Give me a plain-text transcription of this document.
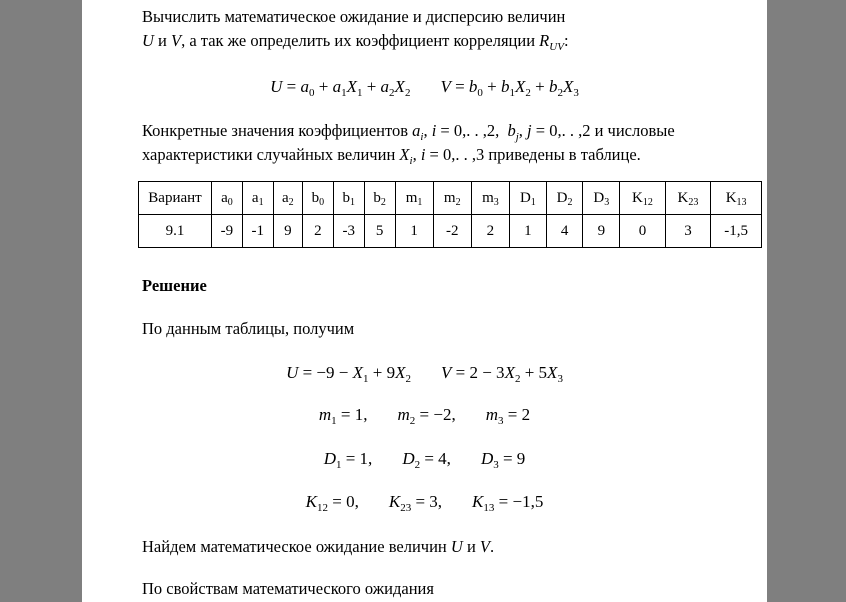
Вычислить математическое ожидание и дисперсию величин
U и V, а так же определить их коэффициент корреляции $R_{UV}$:
$U = a_0 + a_1X_1 + a_2X_2$ $V = b_0 + b_1X_2 + b_2X_3$
Конкретные значения коэффициентов $a_i$, i = 0,. . ,2, $b_j$, j = 0,. . ,2 и числовые
характеристики случайных величин $X_i$, i = 0,. . ,3 приведены в таблице.
Вариант	$a_0$	$a_1$	$a_2$	$b_0$	$b_1$	$b_2$	$m_1$	$m_2$	$m_3$	$D_1$	$D_2$	$D_3$	$K_{12}$	$K_{23}$	$K_{13}$
9.1	-9	-1	9	2	-3	5	1	-2	2	1	4	9	0	3	-1,5
Решение
По данным таблицы, получим
$U = -9 - X_1 + 9X_2$ $V = 2 - 3X_2 + 5X_3$
$m_1 = 1$, $m_2 = -2$, $m_3 = 2$
$D_1 = 1$, $D_2 = 4$, $D_3 = 9$
$K_{12} = 0$, $K_{23} = 3$, $K_{13} = -1,5$
Найдем математическое ожидание величин U и V.
По свойствам математического ожидания
